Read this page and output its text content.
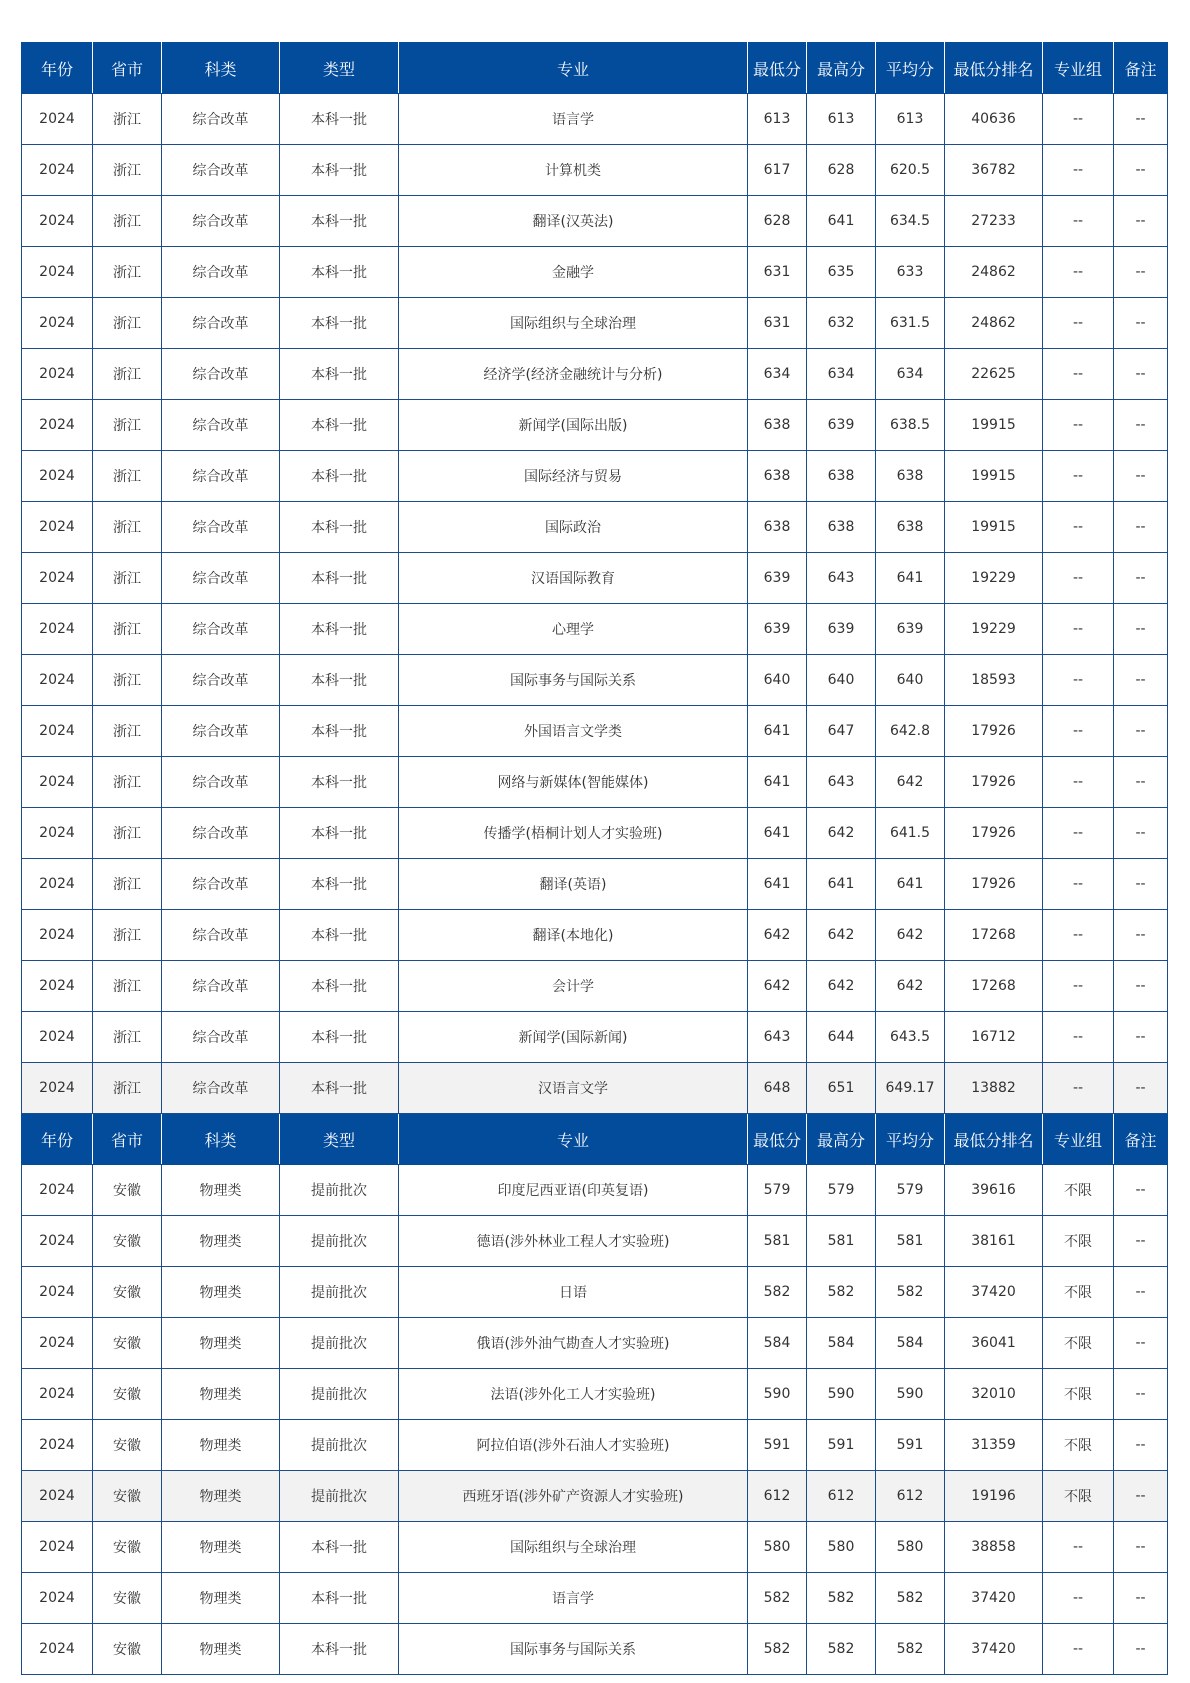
年份	省市	科类	类型	专业	最低分	最高分	平均分	最低分排名	专业组	备注
2024	浙江	综合改革	本科一批	语言学	613	613	613	40636	--	--
2024	浙江	综合改革	本科一批	计算机类	617	628	620.5	36782	--	--
2024	浙江	综合改革	本科一批	翻译(汉英法)	628	641	634.5	27233	--	--
2024	浙江	综合改革	本科一批	金融学	631	635	633	24862	--	--
2024	浙江	综合改革	本科一批	国际组织与全球治理	631	632	631.5	24862	--	--
2024	浙江	综合改革	本科一批	经济学(经济金融统计与分析)	634	634	634	22625	--	--
2024	浙江	综合改革	本科一批	新闻学(国际出版)	638	639	638.5	19915	--	--
2024	浙江	综合改革	本科一批	国际经济与贸易	638	638	638	19915	--	--
2024	浙江	综合改革	本科一批	国际政治	638	638	638	19915	--	--
2024	浙江	综合改革	本科一批	汉语国际教育	639	643	641	19229	--	--
2024	浙江	综合改革	本科一批	心理学	639	639	639	19229	--	--
2024	浙江	综合改革	本科一批	国际事务与国际关系	640	640	640	18593	--	--
2024	浙江	综合改革	本科一批	外国语言文学类	641	647	642.8	17926	--	--
2024	浙江	综合改革	本科一批	网络与新媒体(智能媒体)	641	643	642	17926	--	--
2024	浙江	综合改革	本科一批	传播学(梧桐计划人才实验班)	641	642	641.5	17926	--	--
2024	浙江	综合改革	本科一批	翻译(英语)	641	641	641	17926	--	--
2024	浙江	综合改革	本科一批	翻译(本地化)	642	642	642	17268	--	--
2024	浙江	综合改革	本科一批	会计学	642	642	642	17268	--	--
2024	浙江	综合改革	本科一批	新闻学(国际新闻)	643	644	643.5	16712	--	--
2024	浙江	综合改革	本科一批	汉语言文学	648	651	649.17	13882	--	--
年份	省市	科类	类型	专业	最低分	最高分	平均分	最低分排名	专业组	备注
2024	安徽	物理类	提前批次	印度尼西亚语(印英复语)	579	579	579	39616	不限	--
2024	安徽	物理类	提前批次	德语(涉外林业工程人才实验班)	581	581	581	38161	不限	--
2024	安徽	物理类	提前批次	日语	582	582	582	37420	不限	--
2024	安徽	物理类	提前批次	俄语(涉外油气勘查人才实验班)	584	584	584	36041	不限	--
2024	安徽	物理类	提前批次	法语(涉外化工人才实验班)	590	590	590	32010	不限	--
2024	安徽	物理类	提前批次	阿拉伯语(涉外石油人才实验班)	591	591	591	31359	不限	--
2024	安徽	物理类	提前批次	西班牙语(涉外矿产资源人才实验班)	612	612	612	19196	不限	--
2024	安徽	物理类	本科一批	国际组织与全球治理	580	580	580	38858	--	--
2024	安徽	物理类	本科一批	语言学	582	582	582	37420	--	--
2024	安徽	物理类	本科一批	国际事务与国际关系	582	582	582	37420	--	--
